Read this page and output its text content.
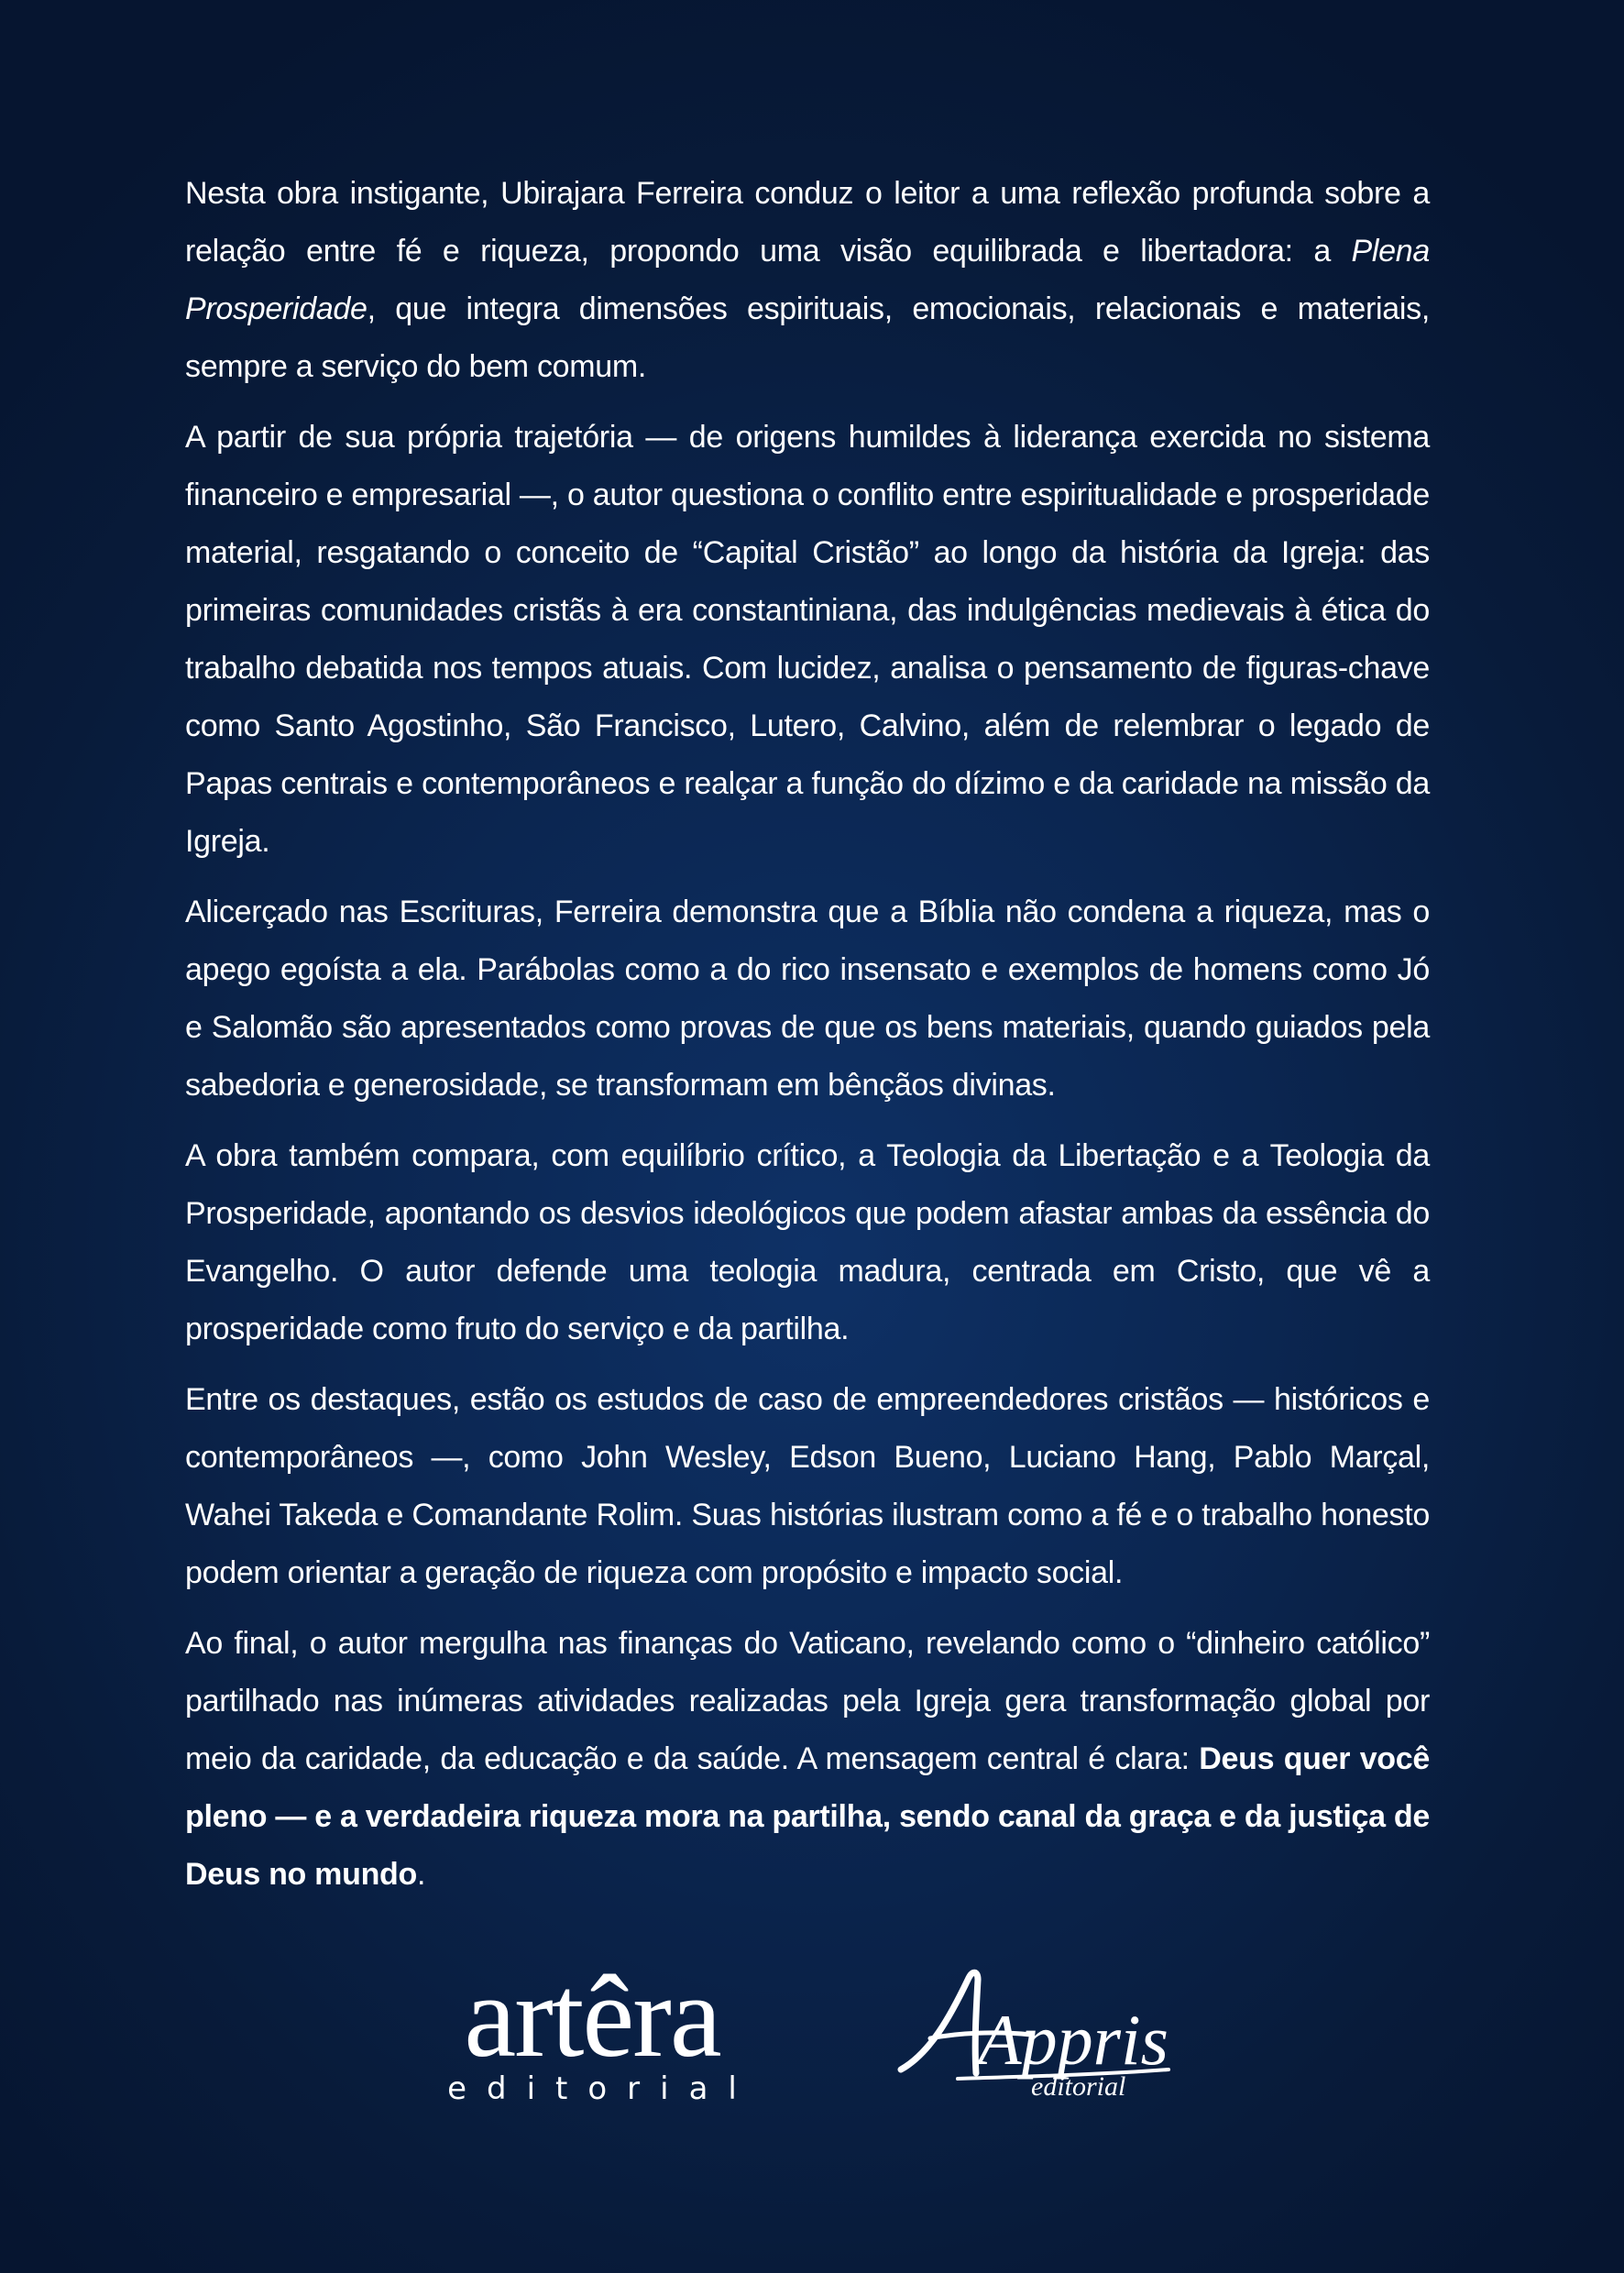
Nesta obra instigante, Ubirajara Ferreira conduz o leitor a uma reflexão profunda sobre a relação entre fé e riqueza, propondo uma visão equilibrada e libertadora: a Plena Prosperidade, que integra dimensões espirituais, emocionais, relacionais e materiais, sempre a serviço do bem comum.

A partir de sua própria trajetória — de origens humildes à liderança exercida no sistema financeiro e empresarial —, o autor questiona o conflito entre espiritualidade e prosperidade material, resgatando o conceito de “Capital Cristão” ao longo da história da Igreja: das primeiras comunidades cristãs à era constantiniana, das indulgências medievais à ética do trabalho debatida nos tempos atuais. Com lucidez, analisa o pensamento de figuras-chave como Santo Agostinho, São Francisco, Lutero, Calvino, além de relembrar o legado de Papas centrais e contemporâneos e realçar a função do dízimo e da caridade na missão da Igreja.

Alicerçado nas Escrituras, Ferreira demonstra que a Bíblia não condena a riqueza, mas o apego egoísta a ela. Parábolas como a do rico insensato e exemplos de homens como Jó e Salomão são apresentados como provas de que os bens materiais, quando guiados pela sabedoria e generosidade, se transformam em bênçãos divinas.

A obra também compara, com equilíbrio crítico, a Teologia da Libertação e a Teologia da Prosperidade, apontando os desvios ideológicos que podem afastar ambas da essência do Evangelho. O autor defende uma teologia madura, centrada em Cristo, que vê a prosperidade como fruto do serviço e da partilha.

Entre os destaques, estão os estudos de caso de empreendedores cristãos — históricos e contemporâneos —, como John Wesley, Edson Bueno, Luciano Hang, Pablo Marçal, Wahei Takeda e Comandante Rolim. Suas histórias ilustram como a fé e o trabalho honesto podem orientar a geração de riqueza com propósito e impacto social.

Ao final, o autor mergulha nas finanças do Vaticano, revelando como o “dinheiro católico” partilhado nas inúmeras atividades realizadas pela Igreja gera transformação global por meio da caridade, da educação e da saúde. A mensagem central é clara: Deus quer você pleno — e a verdadeira riqueza mora na partilha, sendo canal da graça e da justiça de Deus no mundo.

artêra
editorial
Appris
editorial
